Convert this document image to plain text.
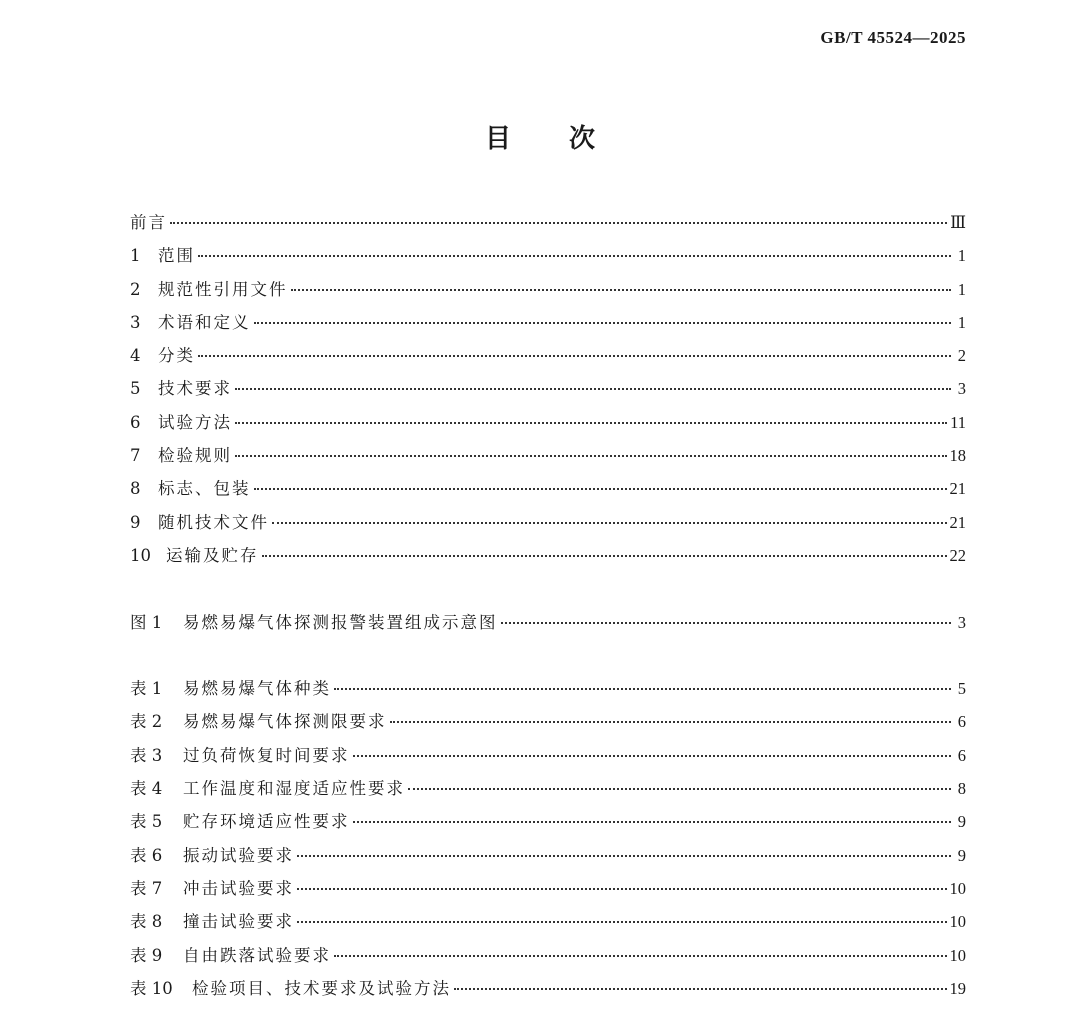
GB/T 45524—2025
目次
前言	Ⅲ
1	范围	1
2	规范性引用文件	1
3	术语和定义	1
4	分类	2
5	技术要求	3
6	试验方法	11
7	检验规则	18
8	标志、包装	21
9	随机技术文件	21
10 运输及贮存	22
图 1	易燃易爆气体探测报警装置组成示意图	3
表 1	易燃易爆气体种类	5
表 2	易燃易爆气体探测限要求	6
表 3	过负荷恢复时间要求	6
表 4	工作温度和湿度适应性要求	8
表 5	贮存环境适应性要求	9
表 6	振动试验要求	9
表 7	冲击试验要求	10
表 8	撞击试验要求	10
表 9	自由跌落试验要求	10
表 10	检验项目、技术要求及试验方法	19
